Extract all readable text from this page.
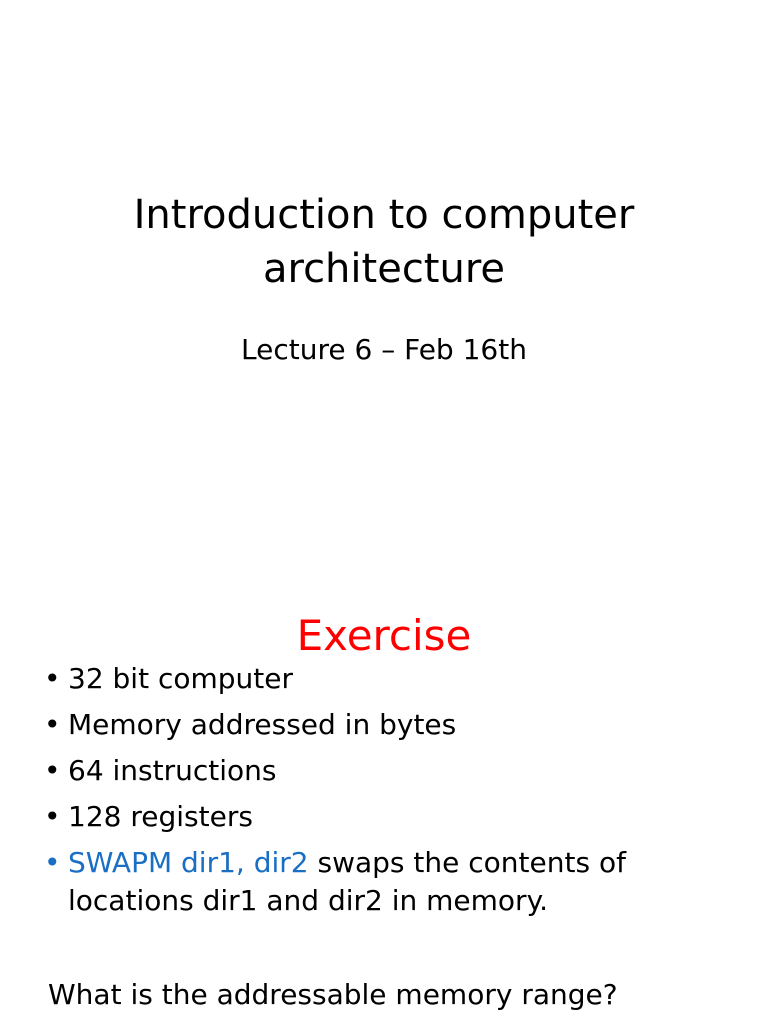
Introduction to computer
architecture

Lecture 6 – Feb 16th

Exercise
• 32 bit computer
• Memory addressed in bytes
• 64 instructions
• 128 registers
• SWAPM dir1, dir2 swaps the contents of locations dir1 and dir2 in memory.

What is the addressable memory range?
